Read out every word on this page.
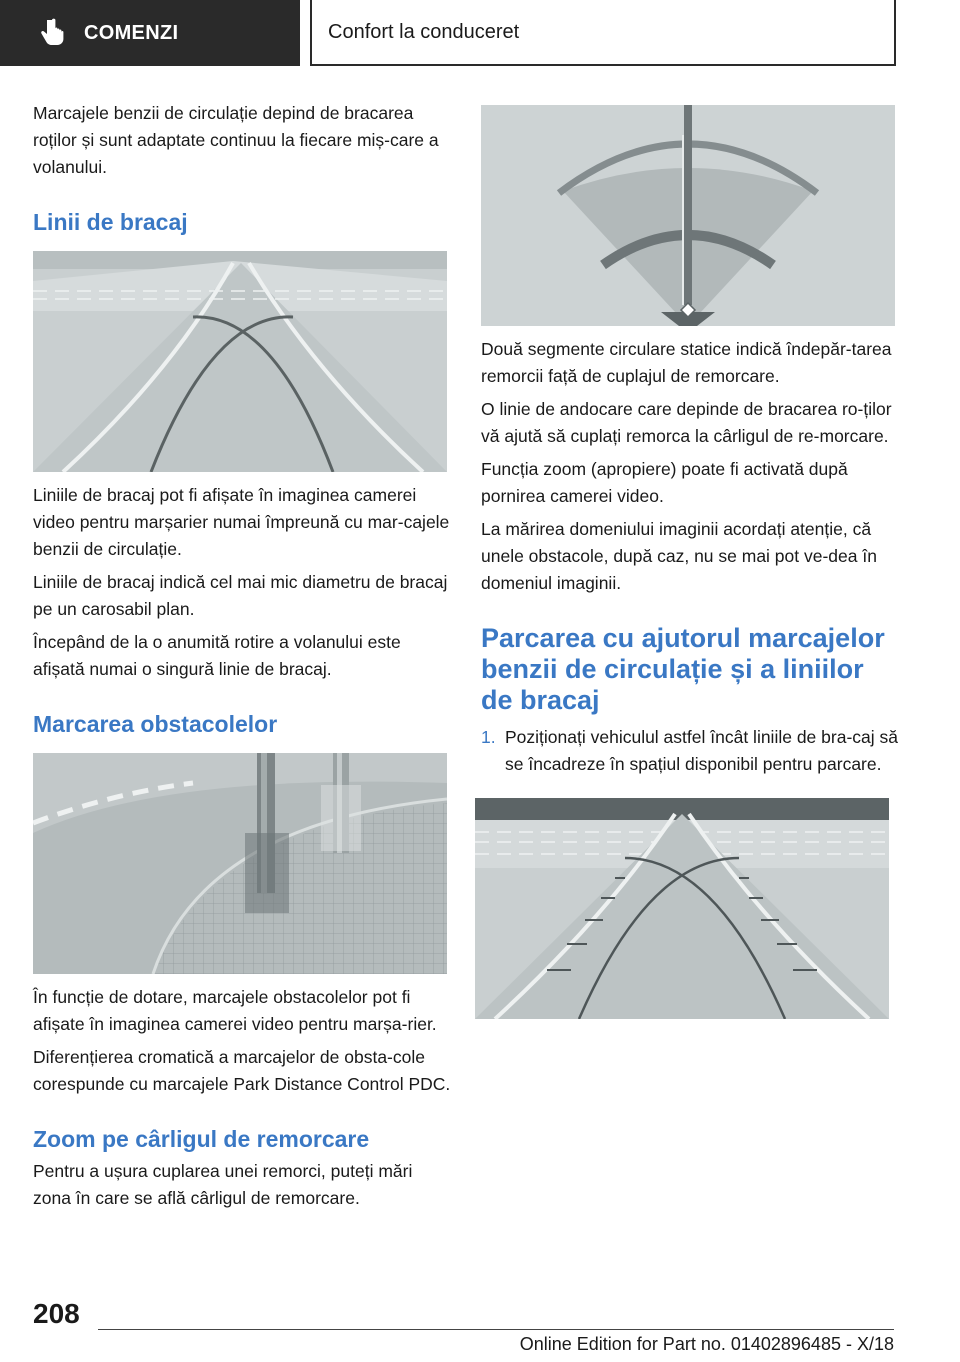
COMENZI	Confort la conduceret

Marcajele benzii de circulație depind de bracarea roților și sunt adaptate continuu la fiecare miș-care a volanului.

Linii de bracaj

Liniile de bracaj pot fi afișate în imaginea camerei video pentru marșarier numai împreună cu mar-cajele benzii de circulație.

Liniile de bracaj indică cel mai mic diametru de bracaj pe un carosabil plan.

Începând de la o anumită rotire a volanului este afișată numai o singură linie de bracaj.

Marcarea obstacolelor

În funcție de dotare, marcajele obstacolelor pot fi afișate în imaginea camerei video pentru marșa-rier.

Diferențierea cromatică a marcajelor de obsta-cole corespunde cu marcajele Park Distance Control PDC.

Zoom pe cârligul de remorcare

Pentru a ușura cuplarea unei remorci, puteți mări zona în care se află cârligul de remorcare.

Două segmente circulare statice indică îndepăr-tarea remorcii față de cuplajul de remorcare.

O linie de andocare care depinde de bracarea ro-ților vă ajută să cuplați remorca la cârligul de re-morcare.

Funcția zoom (apropiere) poate fi activată după pornirea camerei video.

La mărirea domeniului imaginii acordați atenție, că unele obstacole, după caz, nu se mai pot ve-dea în domeniul imaginii.

Parcarea cu ajutorul marcajelor benzii de circulație și a liniilor de bracaj
1. Poziționați vehiculul astfel încât liniile de bra-caj să se încadreze în spațiul disponibil pentru parcare.
208
Online Edition for Part no. 01402896485 - X/18
